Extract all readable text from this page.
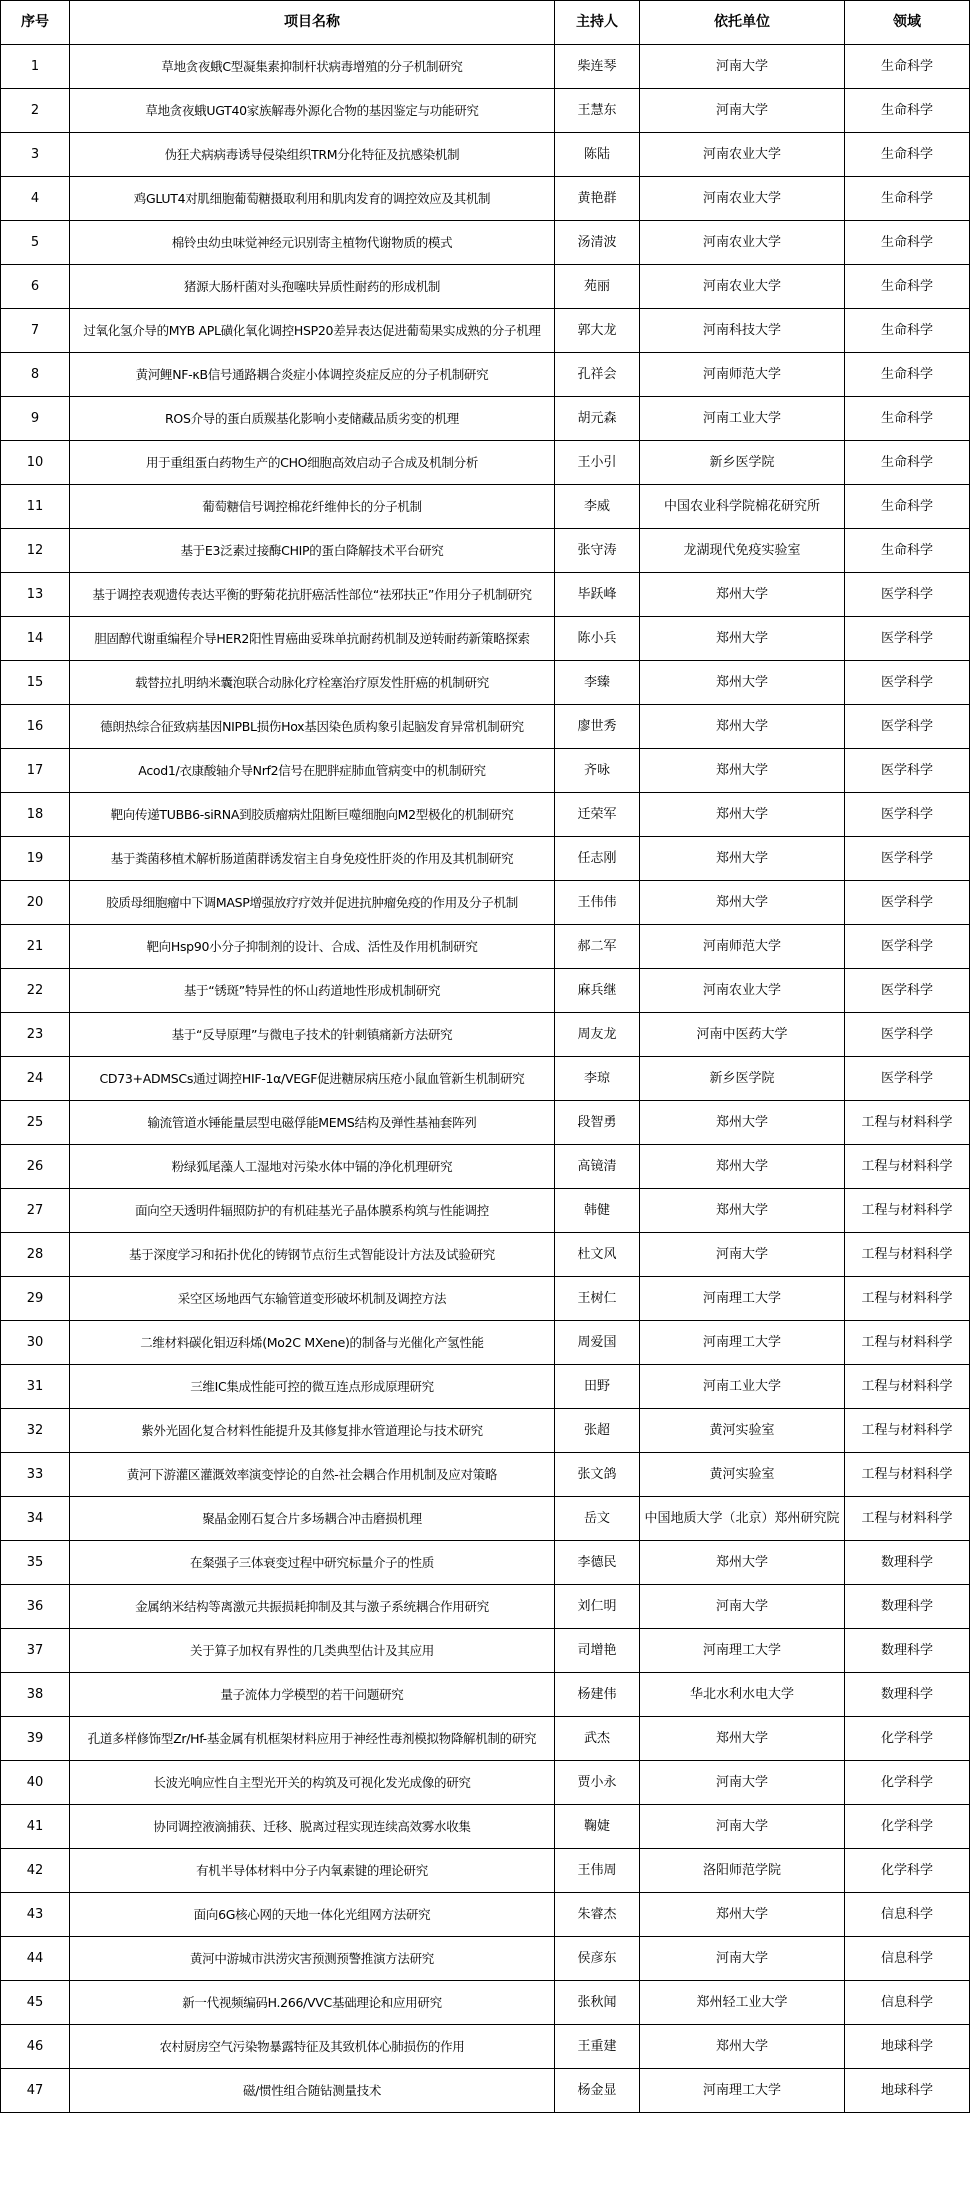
序号	项目名称	主持人	依托单位	领域
1	草地贪夜蛾C型凝集素抑制杆状病毒增殖的分子机制研究	柴连琴	河南大学	生命科学
2	草地贪夜蛾UGT40家族解毒外源化合物的基因鉴定与功能研究	王慧东	河南大学	生命科学
3	伪狂犬病病毒诱导侵染组织TRM分化特征及抗感染机制	陈陆	河南农业大学	生命科学
4	鸡GLUT4对肌细胞葡萄糖摄取利用和肌肉发育的调控效应及其机制	黄艳群	河南农业大学	生命科学
5	棉铃虫幼虫味觉神经元识别寄主植物代谢物质的模式	汤清波	河南农业大学	生命科学
6	猪源大肠杆菌对头孢噻呋异质性耐药的形成机制	苑丽	河南农业大学	生命科学
7	过氧化氢介导的MYB APL磺化氧化调控HSP20差异表达促进葡萄果实成熟的分子机理	郭大龙	河南科技大学	生命科学
8	黄河鲤NF-κB信号通路耦合炎症小体调控炎症反应的分子机制研究	孔祥会	河南师范大学	生命科学
9	ROS介导的蛋白质羰基化影响小麦储藏品质劣变的机理	胡元森	河南工业大学	生命科学
10	用于重组蛋白药物生产的CHO细胞高效启动子合成及机制分析	王小引	新乡医学院	生命科学
11	葡萄糖信号调控棉花纤维伸长的分子机制	李威	中国农业科学院棉花研究所	生命科学
12	基于E3泛素过接酶CHIP的蛋白降解技术平台研究	张守涛	龙湖现代免疫实验室	生命科学
13	基于调控表观遗传表达平衡的野菊花抗肝癌活性部位“祛邪扶正”作用分子机制研究	毕跃峰	郑州大学	医学科学
14	胆固醇代谢重编程介导HER2阳性胃癌曲妥珠单抗耐药机制及逆转耐药新策略探索	陈小兵	郑州大学	医学科学
15	载替拉扎明纳米囊泡联合动脉化疗栓塞治疗原发性肝癌的机制研究	李臻	郑州大学	医学科学
16	德朗热综合征致病基因NIPBL损伤Hox基因染色质构象引起脑发育异常机制研究	廖世秀	郑州大学	医学科学
17	Acod1/衣康酸轴介导Nrf2信号在肥胖症肺血管病变中的机制研究	齐咏	郑州大学	医学科学
18	靶向传递TUBB6-siRNA到胶质瘤病灶阻断巨噬细胞向M2型极化的机制研究	迁荣军	郑州大学	医学科学
19	基于粪菌移植术解析肠道菌群诱发宿主自身免疫性肝炎的作用及其机制研究	任志刚	郑州大学	医学科学
20	胶质母细胞瘤中下调MASP增强放疗疗效并促进抗肿瘤免疫的作用及分子机制	王伟伟	郑州大学	医学科学
21	靶向Hsp90小分子抑制剂的设计、合成、活性及作用机制研究	郝二军	河南师范大学	医学科学
22	基于“锈斑”特异性的怀山药道地性形成机制研究	麻兵继	河南农业大学	医学科学
23	基于“反导原理”与微电子技术的针刺镇痛新方法研究	周友龙	河南中医药大学	医学科学
24	CD73+ADMSCs通过调控HIF-1α/VEGF促进糖尿病压疮小鼠血管新生机制研究	李琼	新乡医学院	医学科学
25	输流管道水锤能量层型电磁俘能MEMS结构及弹性基袖套阵列	段智勇	郑州大学	工程与材料科学
26	粉绿狐尾藻人工湿地对污染水体中镉的净化机理研究	高镜清	郑州大学	工程与材料科学
27	面向空天透明件辐照防护的有机硅基光子晶体膜系构筑与性能调控	韩健	郑州大学	工程与材料科学
28	基于深度学习和拓扑优化的铸钢节点衍生式智能设计方法及试验研究	杜文风	河南大学	工程与材料科学
29	采空区场地西气东输管道变形破坏机制及调控方法	王树仁	河南理工大学	工程与材料科学
30	二维材料碳化钼迈科烯(Mo2C MXene)的制备与光催化产氢性能	周爱国	河南理工大学	工程与材料科学
31	三维IC集成性能可控的微互连点形成原理研究	田野	河南工业大学	工程与材料科学
32	紫外光固化复合材料性能提升及其修复排水管道理论与技术研究	张超	黄河实验室	工程与材料科学
33	黄河下游灌区灌溉效率演变悖论的自然-社会耦合作用机制及应对策略	张文鸽	黄河实验室	工程与材料科学
34	聚晶金刚石复合片多场耦合冲击磨损机理	岳文	中国地质大学（北京）郑州研究院	工程与材料科学
35	在粲强子三体衰变过程中研究标量介子的性质	李德民	郑州大学	数理科学
36	金属纳米结构等离激元共振损耗抑制及其与激子系统耦合作用研究	刘仁明	河南大学	数理科学
37	关于算子加权有界性的几类典型估计及其应用	司增艳	河南理工大学	数理科学
38	量子流体力学模型的若干问题研究	杨建伟	华北水利水电大学	数理科学
39	孔道多样修饰型Zr/Hf-基金属有机框架材料应用于神经性毒剂模拟物降解机制的研究	武杰	郑州大学	化学科学
40	长波光响应性自主型光开关的构筑及可视化发光成像的研究	贾小永	河南大学	化学科学
41	协同调控液滴捕获、迁移、脱离过程实现连续高效雾水收集	鞠婕	河南大学	化学科学
42	有机半导体材料中分子内氧素键的理论研究	王伟周	洛阳师范学院	化学科学
43	面向6G核心网的天地一体化光组网方法研究	朱睿杰	郑州大学	信息科学
44	黄河中游城市洪涝灾害预测预警推演方法研究	侯彦东	河南大学	信息科学
45	新一代视频编码H.266/VVC基础理论和应用研究	张秋闻	郑州轻工业大学	信息科学
46	农村厨房空气污染物暴露特征及其致机体心肺损伤的作用	王重建	郑州大学	地球科学
47	磁/惯性组合随钻测量技术	杨金显	河南理工大学	地球科学
